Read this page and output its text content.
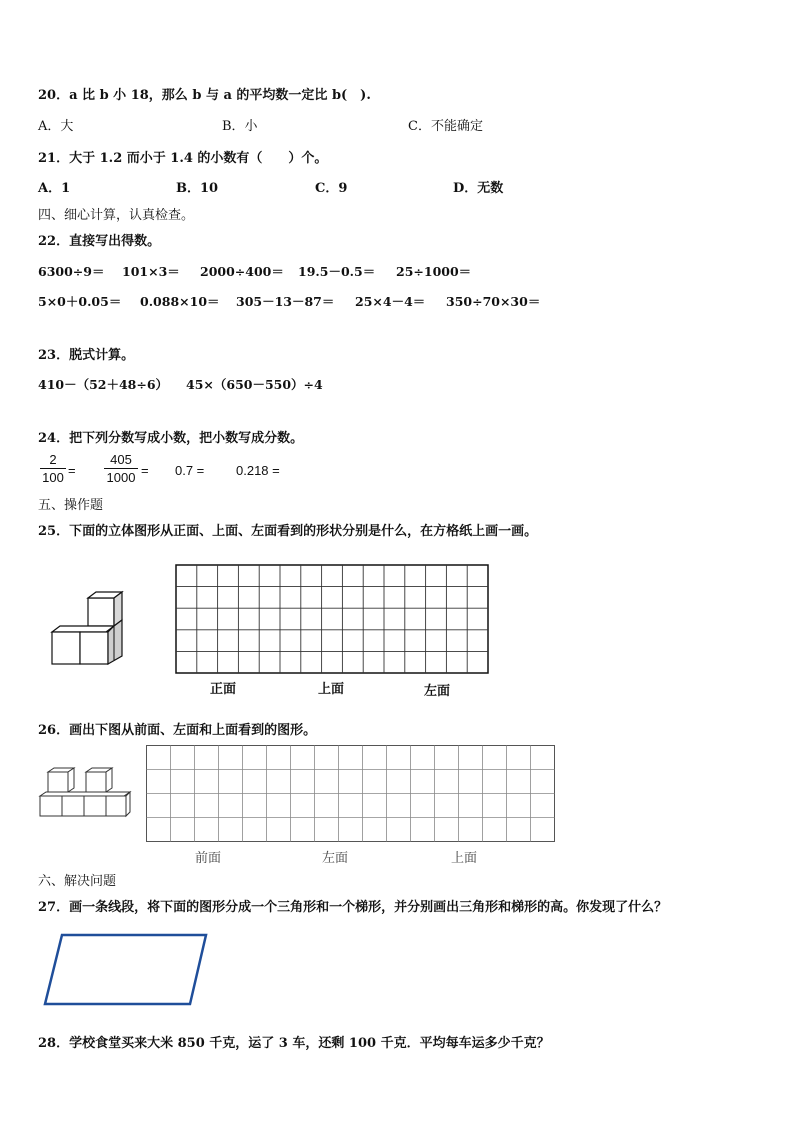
20．a 比 b 小 18，那么 b 与 a 的平均数一定比 b(　).
A．大	B．小	C．不能确定
21．大于 1.2 而小于 1.4 的小数有（　　）个。
A．1	B．10	C．9	D．无数
四、细心计算，认真检查。
22．直接写出得数。
6300÷9＝ 101×3＝ 2000÷400＝ 19.5－0.5＝ 25÷1000＝
5×0＋0.05＝ 0.088×10＝ 305－13－87＝ 25×4－4＝ 350÷70×30＝
23．脱式计算。
410－（52＋48÷6） 45×（650－550）÷4
24．把下列分数写成小数，把小数写成分数。
2
100 =
405
1000 = 0.7 = 0.218 =
五、操作题
25．下面的立体图形从正面、上面、左面看到的形状分别是什么，在方格纸上画一画。
正面	上面	左面
26．画出下图从前面、左面和上面看到的图形。
前面	左面	上面
六、解决问题
27．画一条线段，将下面的图形分成一个三角形和一个梯形，并分别画出三角形和梯形的高。你发现了什么？
28．学校食堂买来大米 850 千克，运了 3 车，还剩 100 千克．平均每车运多少千克？
